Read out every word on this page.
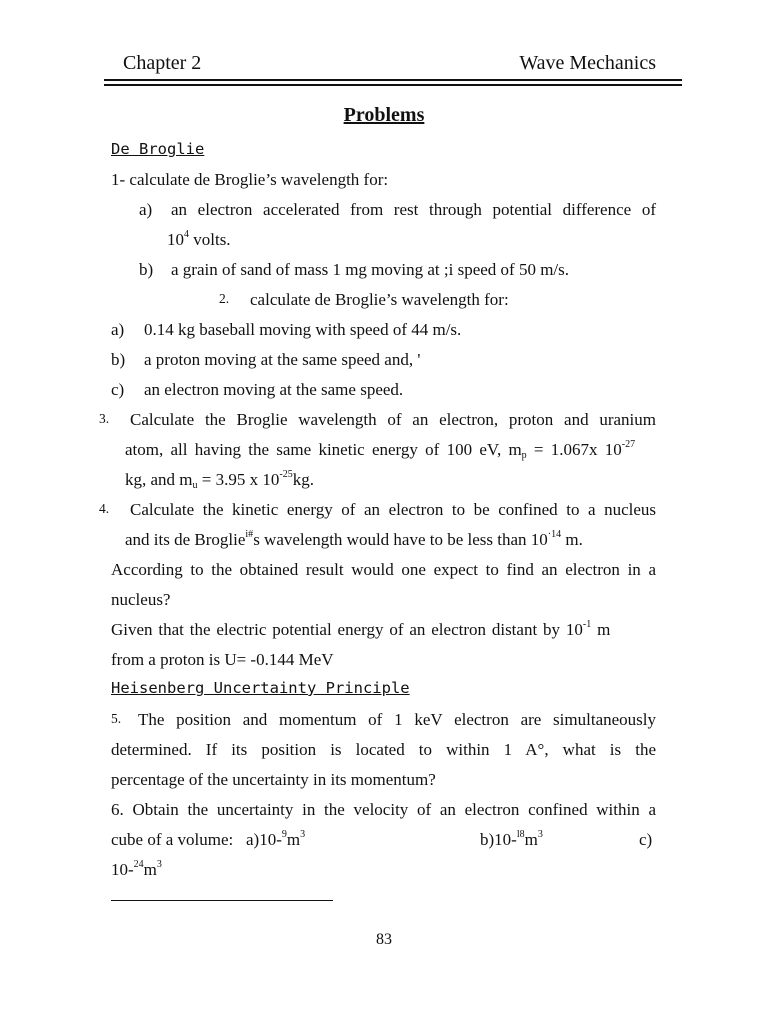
Chapter 2	Wave Mechanics
Problems
De Broglie
1- calculate de Broglie’s wavelength for:
a) an electron accelerated from rest through potential difference of
$10^4$ volts.
b) a grain of sand of mass 1 mg moving at ;i speed of 50 m/s.
2. calculate de Broglie’s wavelength for:
a) 0.14 kg baseball moving with speed of 44 m/s.
b) a proton moving at the same speed and, '
c) an electron moving at the same speed.
3. Calculate the Broglie wavelength of an electron, proton and uranium
atom, all having the same kinetic energy of 100 eV, $m_p = 1.067x$ $10^{-27}$
kg, and $m_u = 3.95$ x $10^{-25}kg$.
4. Calculate the kinetic energy of an electron to be confined to a nucleus
and its de Broglie$^{i\#}$s wavelength would have to be less than $10^{\cdot 14}$ m.
According to the obtained result would one expect to find an electron in a
nucleus?
Given that the electric potential energy of an electron distant by $10^{-1}$ m
from a proton is U= -0.144 MeV
Heisenberg Uncertainty Principle
5. The position and momentum of 1 keV electron are simultaneously
determined. If its position is located to within 1 A°, what is the
percentage of the uncertainty in its momentum?
6. Obtain the uncertainty in the velocity of an electron confined within a
cube of a volume:   $a)10-^9m^3$	$b)10-^{l8}m^3$	c)
$10-^{24}m^3$
83
